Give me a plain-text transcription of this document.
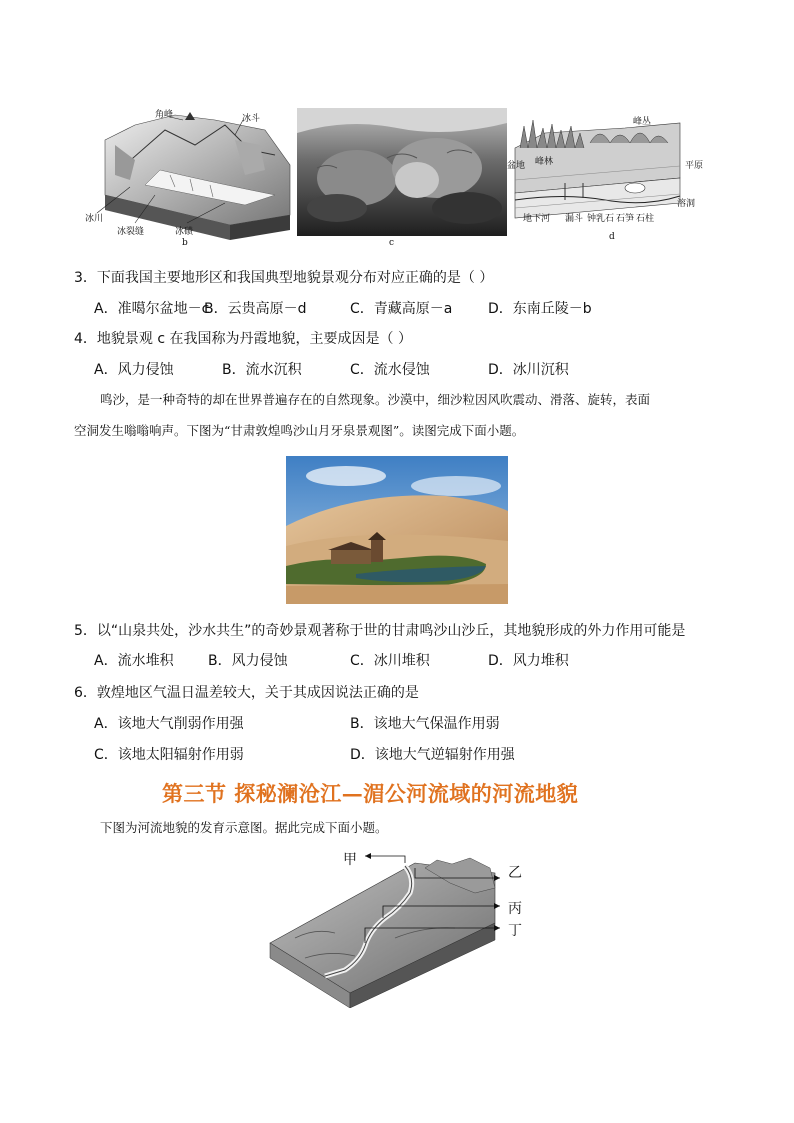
角峰	冰斗
冰川
冰裂缝	冰碛
b	c
盆地 峰林
峰丛
平原
溶洞
地下河 漏斗 钟乳石 石笋 石柱
d
3．下面我国主要地形区和我国典型地貌景观分布对应正确的是（ ）
A．准噶尔盆地－c
B．云贵高原－d	C．青藏高原－a	D．东南丘陵－b
4．地貌景观 c 在我国称为丹霞地貌，主要成因是（ ）
A．风力侵蚀	B．流水沉积	C．流水侵蚀	D．冰川沉积
鸣沙，是一种奇特的却在世界普遍存在的自然现象。沙漠中，细沙粒因风吹震动、滑落、旋转，表面
空洞发生嗡嗡响声。下图为“甘肃敦煌鸣沙山月牙泉景观图”。读图完成下面小题。
5．以“山泉共处，沙水共生”的奇妙景观著称于世的甘肃鸣沙山沙丘，其地貌形成的外力作用可能是
A．流水堆积 B．风力侵蚀	C．冰川堆积	D．风力堆积
6．敦煌地区气温日温差较大，关于其成因说法正确的是
A．该地大气削弱作用强	B．该地大气保温作用弱
C．该地太阳辐射作用弱	D．该地大气逆辐射作用强
第三节 探秘澜沧江—湄公河流域的河流地貌
下图为河流地貌的发育示意图。据此完成下面小题。
甲
乙
丙
丁
